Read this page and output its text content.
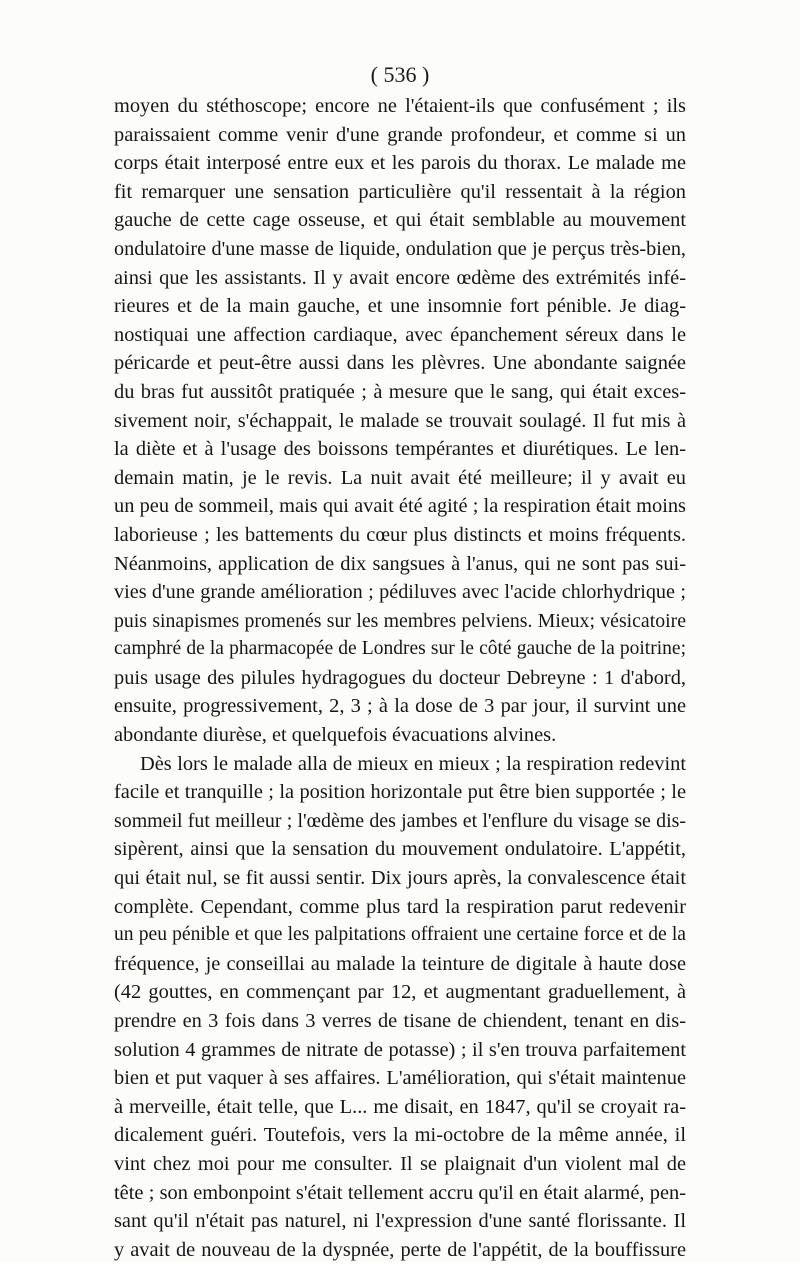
( 536 )
moyen du stéthoscope; encore ne l'étaient-ils que confusément ; ils
paraissaient comme venir d'une grande profondeur, et comme si un
corps était interposé entre eux et les parois du thorax. Le malade me
fit remarquer une sensation particulière qu'il ressentait à la région
gauche de cette cage osseuse, et qui était semblable au mouvement
ondulatoire d'une masse de liquide, ondulation que je perçus très-bien,
ainsi que les assistants. Il y avait encore œdème des extrémités infé-
rieures et de la main gauche, et une insomnie fort pénible. Je diag-
nostiquai une affection cardiaque, avec épanchement séreux dans le
péricarde et peut-être aussi dans les plèvres. Une abondante saignée
du bras fut aussitôt pratiquée ; à mesure que le sang, qui était exces-
sivement noir, s'échappait, le malade se trouvait soulagé. Il fut mis à
la diète et à l'usage des boissons tempérantes et diurétiques. Le len-
demain matin, je le revis. La nuit avait été meilleure; il y avait eu
un peu de sommeil, mais qui avait été agité ; la respiration était moins
laborieuse ; les battements du cœur plus distincts et moins fréquents.
Néanmoins, application de dix sangsues à l'anus, qui ne sont pas sui-
vies d'une grande amélioration ; pédiluves avec l'acide chlorhydrique ;
puis sinapismes promenés sur les membres pelviens. Mieux; vésicatoire
camphré de la pharmacopée de Londres sur le côté gauche de la poitrine;
puis usage des pilules hydragogues du docteur Debreyne : 1 d'abord,
ensuite, progressivement, 2, 3 ; à la dose de 3 par jour, il survint une
abondante diurèse, et quelquefois évacuations alvines.
Dès lors le malade alla de mieux en mieux ; la respiration redevint
facile et tranquille ; la position horizontale put être bien supportée ; le
sommeil fut meilleur ; l'œdème des jambes et l'enflure du visage se dis-
sipèrent, ainsi que la sensation du mouvement ondulatoire. L'appétit,
qui était nul, se fit aussi sentir. Dix jours après, la convalescence était
complète. Cependant, comme plus tard la respiration parut redevenir
un peu pénible et que les palpitations offraient une certaine force et de la
fréquence, je conseillai au malade la teinture de digitale à haute dose
(42 gouttes, en commençant par 12, et augmentant graduellement, à
prendre en 3 fois dans 3 verres de tisane de chiendent, tenant en dis-
solution 4 grammes de nitrate de potasse) ; il s'en trouva parfaitement
bien et put vaquer à ses affaires. L'amélioration, qui s'était maintenue
à merveille, était telle, que L... me disait, en 1847, qu'il se croyait ra-
dicalement guéri. Toutefois, vers la mi-octobre de la même année, il
vint chez moi pour me consulter. Il se plaignait d'un violent mal de
tête ; son embonpoint s'était tellement accru qu'il en était alarmé, pen-
sant qu'il n'était pas naturel, ni l'expression d'une santé florissante. Il
y avait de nouveau de la dyspnée, perte de l'appétit, de la bouffissure
